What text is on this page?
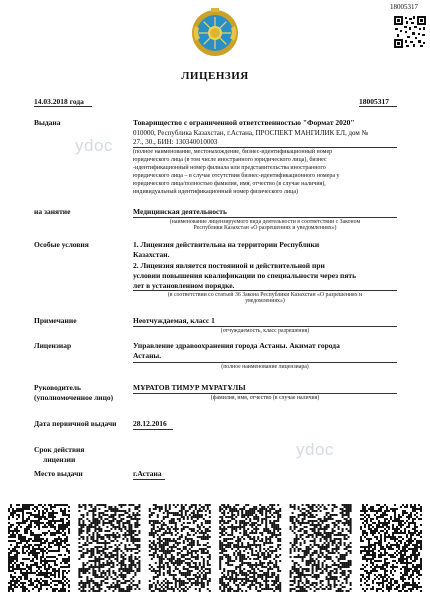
18005317
ЛИЦЕНЗИЯ
14.03.2018 года	18005317
Выдана	Товарищество с ограниченной ответственностью "Формат 2020"
010000, Республика Казахстан, г.Астана, ПРОСПЕКТ МАНГИЛИК ЕЛ, дом №
27., 30., БИН: 130340010003
(полное наименование, местонахождение, бизнес-идентификационный номер
юридического лица (в том числе иностранного юридического лица), бизнес
-идентификационный номер филиала или представительства иностранного
юридического лица – в случае отсутствия бизнес-идентификационного номера у
юридического лица/полностью фамилия, имя, отчество (в случае наличия),
индивидуальный идентификационный номер физического лица)
на занятие	Медицинская деятельность
(наименование лицензируемого вида деятельности в соответствии с Законом
Республики Казахстан «О разрешениях и уведомлениях»)
Особые условия	1. Лицензия действительна на территории Республики
Казахстан.
2. Лицензия является постоянной и действительной при
условии повышения квалификации по специальности через пять
лет в установленном порядке.
(в соответствии со статьей 36 Закона Республики Казахстан «О разрешениях и
уведомлениях»)
Примечание	Неотчуждаемая, класс 1
(отчуждаемость, класс разрешения)
Лицензиар	Управление здравоохранения города Астаны. Акимат города
Астаны.
(полное наименование лицензиара)
Руководитель
(уполномоченное лицо)
МҰРАТОВ ТИМУР МҰРАТҰЛЫ
(фамилия, имя, отчество (в случае наличия)
Дата первичной выдачи 28.12.2016
Срок действия
лицензии
Место выдачи	г.Астана
ydoc
ydoc
